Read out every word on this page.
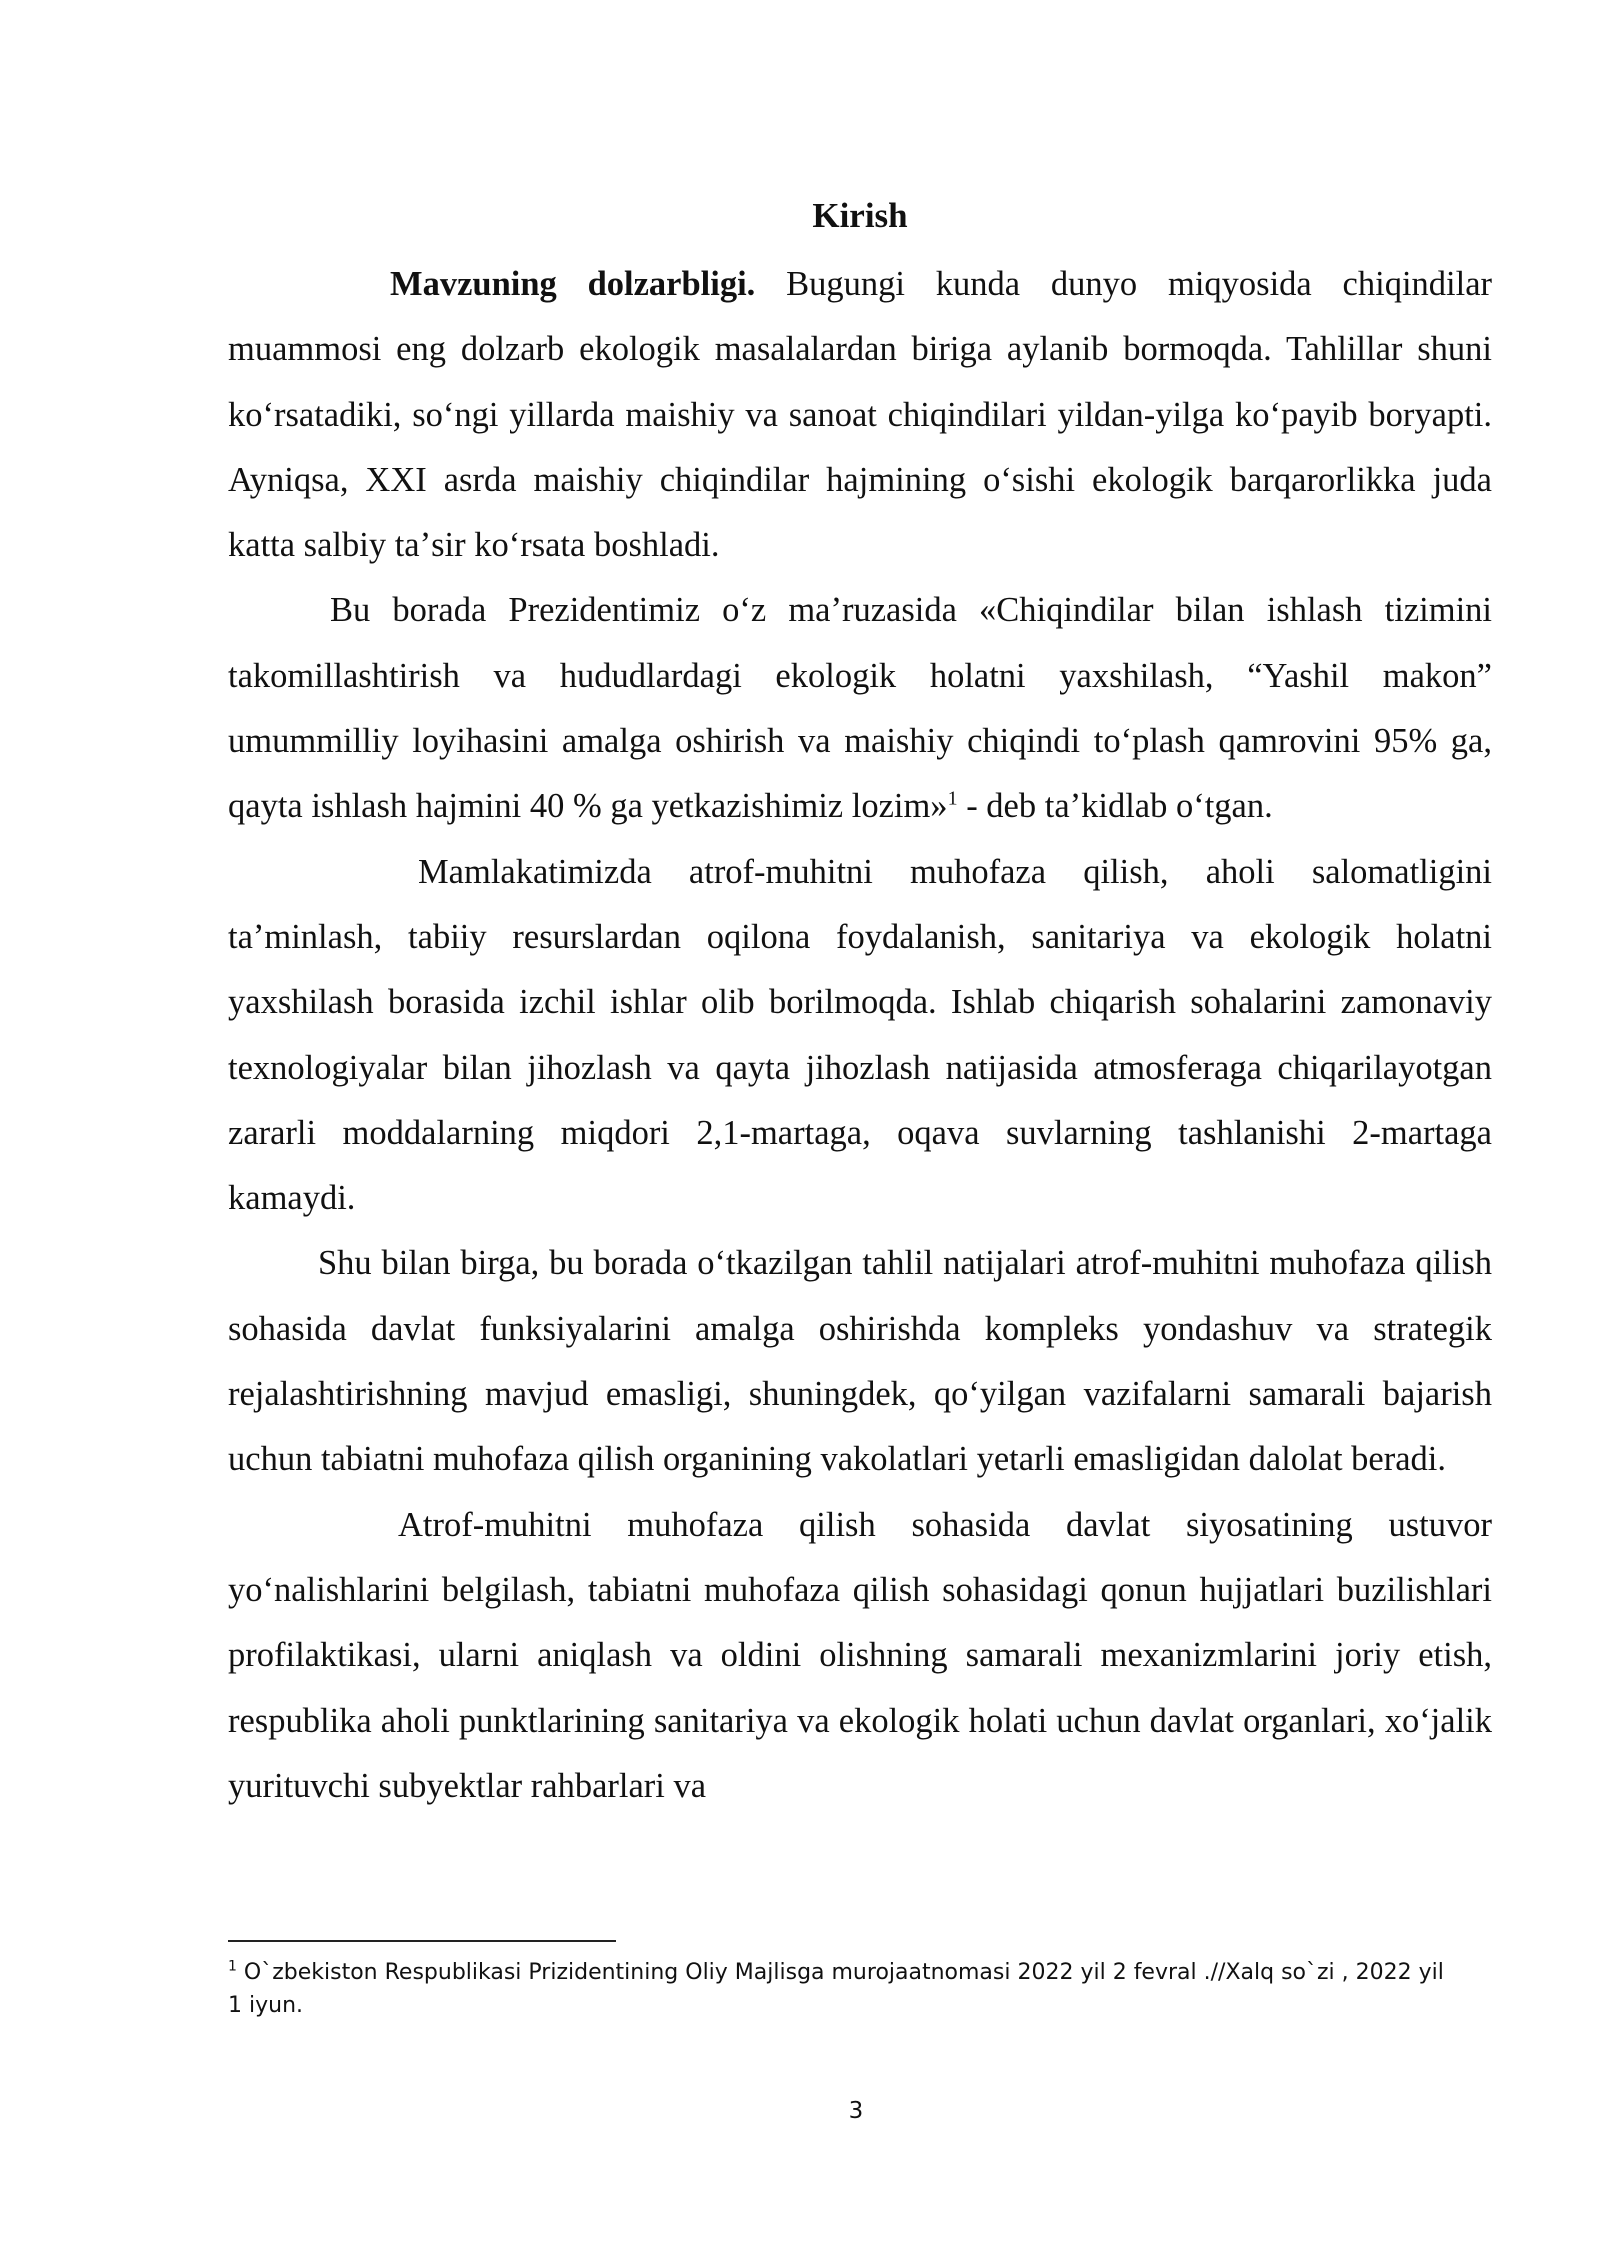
Kirish

Mavzuning dolzarbligi. Bugungi kunda dunyo miqyosida chiqindilar muammosi eng dolzarb ekologik masalalardan biriga aylanib bormoqda. Tahlillar shuni koʻrsatadiki, soʻngi yillarda maishiy va sanoat chiqindilari yildan-yilga koʻpayib boryapti. Ayniqsa, XXI asrda maishiy chiqindilar hajmining oʻsishi ekologik barqarorlikka juda katta salbiy taʼsir koʻrsata boshladi.

Bu borada Prezidentimiz oʻz maʼruzasida «Chiqindilar bilan ishlash tizimini takomillashtirish va hududlardagi ekologik holatni yaxshilash, “Yashil makon” umummilliy loyihasini amalga oshirish va maishiy chiqindi toʻplash qamrovini 95% ga, qayta ishlash hajmini 40 % ga yetkazishimiz lozim»$^1$ - deb taʼkidlab oʻtgan.

Mamlakatimizda atrof-muhitni muhofaza qilish, aholi salomatligini taʼminlash, tabiiy resurslardan oqilona foydalanish, sanitariya va ekologik holatni yaxshilash borasida izchil ishlar olib borilmoqda. Ishlab chiqarish sohalarini zamonaviy texnologiyalar bilan jihozlash va qayta jihozlash natijasida atmosferaga chiqarilayotgan zararli moddalarning miqdori 2,1-martaga, oqava suvlarning tashlanishi 2-martaga kamaydi.

Shu bilan birga, bu borada oʻtkazilgan tahlil natijalari atrof-muhitni muhofaza qilish sohasida davlat funksiyalarini amalga oshirishda kompleks yondashuv va strategik rejalashtirishning mavjud emasligi, shuningdek, qoʻyilgan vazifalarni samarali bajarish uchun tabiatni muhofaza qilish organining vakolatlari yetarli emasligidan dalolat beradi.

Atrof-muhitni muhofaza qilish sohasida davlat siyosatining ustuvor yoʻnalishlarini belgilash, tabiatni muhofaza qilish sohasidagi qonun hujjatlari buzilishlari profilaktikasi, ularni aniqlash va oldini olishning samarali mexanizmlarini joriy etish, respublika aholi punktlarining sanitariya va ekologik holati uchun davlat organlari, xoʻjalik yurituvchi subyektlar rahbarlari va

$^1$ O`zbekiston Respublikasi Prizidentining Oliy Majlisga murojaatnomasi 2022 yil 2 fevral .//Xalq so`zi , 2022 yil 1 iyun.

3
